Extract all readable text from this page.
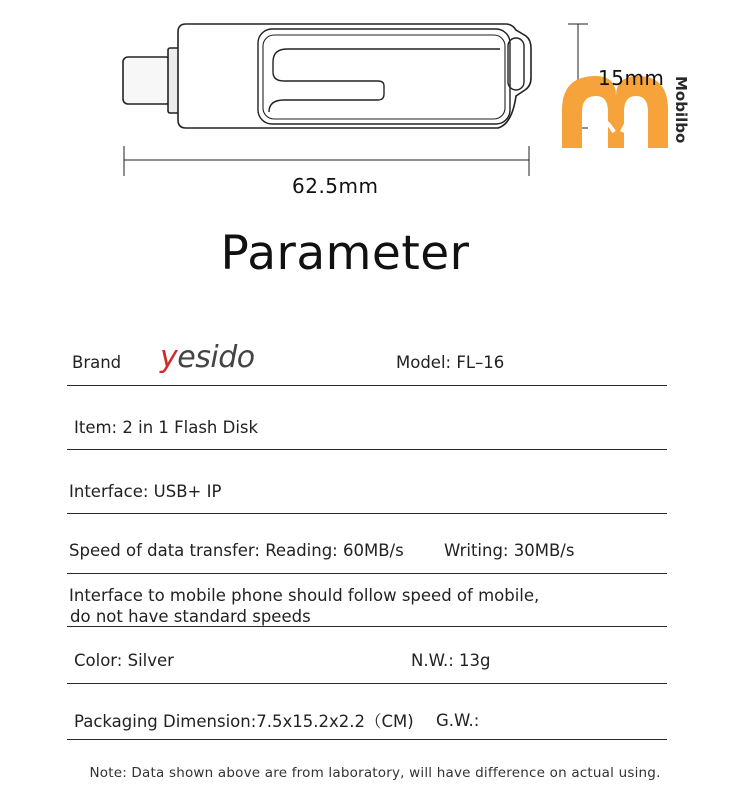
62.5mm
15mm Mobilbo
Parameter
Brand yesido	Model: FL–16
Item: 2 in 1 Flash Disk
Interface: USB+ IP
Speed of data transfer: Reading: 60MB/s Writing: 30MB/s
Interface to mobile phone should follow speed of mobile,
do not have standard speeds
Color: Silver	N.W.: 13g
Packaging Dimension:7.5x15.2x2.2（CM) G.W.:
Note: Data shown above are from laboratory, will have difference on actual using.
